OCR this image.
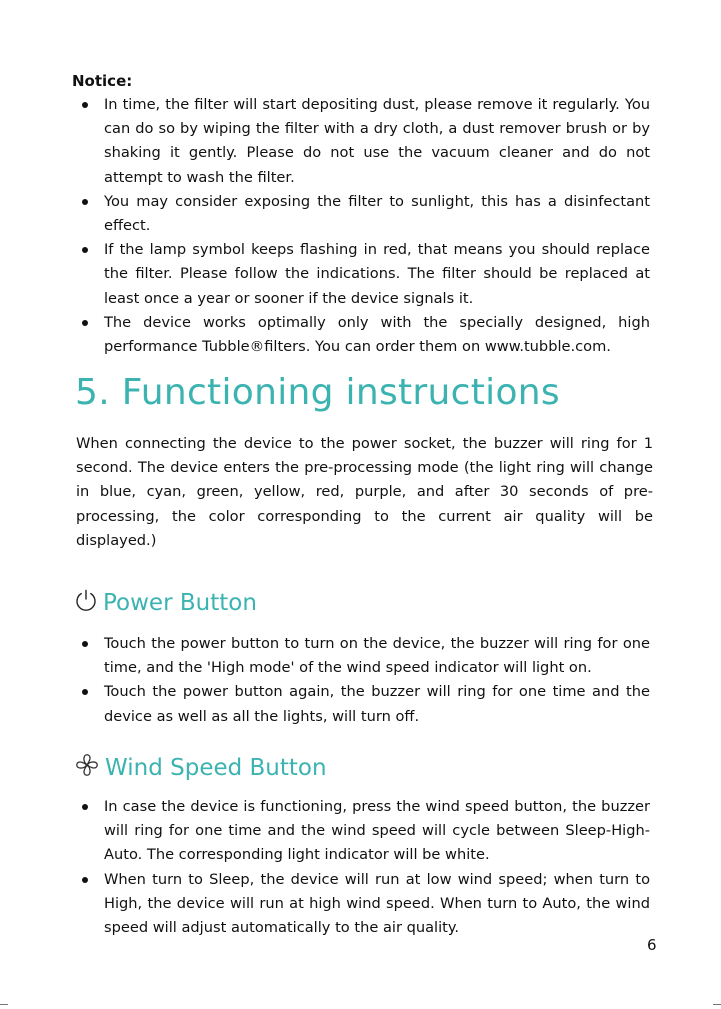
Notice:
In time, the filter will start depositing dust, please remove it regularly. You can do so by wiping the filter with a dry cloth, a dust remover brush or by shaking it gently. Please do not use the vacuum cleaner and do not attempt to wash the filter.
You may consider exposing the filter to sunlight, this has a disinfectant effect.
If the lamp symbol keeps flashing in red, that means you should replace the filter. Please follow the indications. The filter should be replaced at least once a year or sooner if the device signals it.
The device works optimally only with the specially designed, high performance Tubble®filters. You can order them on www.tubble.com.
5. Functioning instructions
When connecting the device to the power socket, the buzzer will ring for 1 second. The device enters the pre-processing mode (the light ring will change in blue, cyan, green, yellow, red, purple, and after 30 seconds of pre-processing, the color corresponding to the current air quality will be displayed.)
Power Button
Touch the power button to turn on the device, the buzzer will ring for one time, and the 'High mode' of the wind speed indicator will light on.
Touch the power button again, the buzzer will ring for one time and the device as well as all the lights, will turn off.
Wind Speed Button
In case the device is functioning, press the wind speed button, the buzzer will ring for one time and the wind speed will cycle between Sleep-High-Auto. The corresponding light indicator will be white.
When turn to Sleep, the device will run at low wind speed; when turn to High, the device will run at high wind speed. When turn to Auto, the wind speed will adjust automatically to the air quality.
6
